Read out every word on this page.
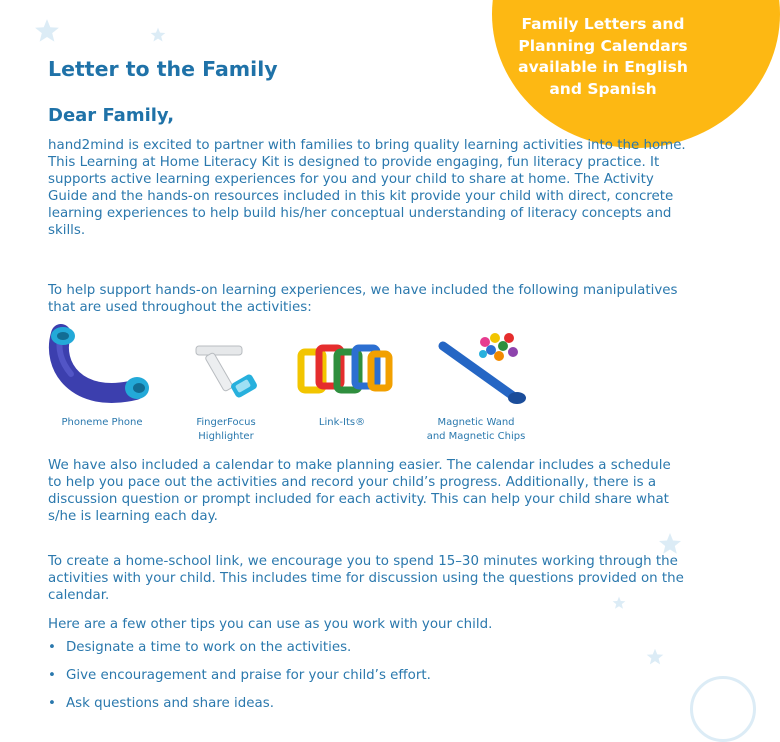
Family Letters and
Planning Calendars
available in English
and Spanish
Letter to the Family
Dear Family,
hand2mind is excited to partner with families to bring quality learning activities into the home. This Learning at Home Literacy Kit is designed to provide engaging, fun literacy practice. It supports active learning experiences for you and your child to share at home. The Activity Guide and the hands-on resources included in this kit provide your child with direct, concrete learning experiences to help build his/her conceptual understanding of literacy concepts and skills.
To help support hands-on learning experiences, we have included the following manipulatives that are used throughout the activities:
Phoneme Phone	FingerFocus
Highlighter
Link-Its®	Magnetic Wand
and Magnetic Chips
We have also included a calendar to make planning easier. The calendar includes a schedule to help you pace out the activities and record your child’s progress. Additionally, there is a discussion question or prompt included for each activity. This can help your child share what s/he is learning each day.
To create a home-school link, we encourage you to spend 15–30 minutes working through the activities with your child. This includes time for discussion using the questions provided on the calendar.
Here are a few other tips you can use as you work with your child.
• Designate a time to work on the activities.
• Give encouragement and praise for your child’s effort.
• Ask questions and share ideas.
